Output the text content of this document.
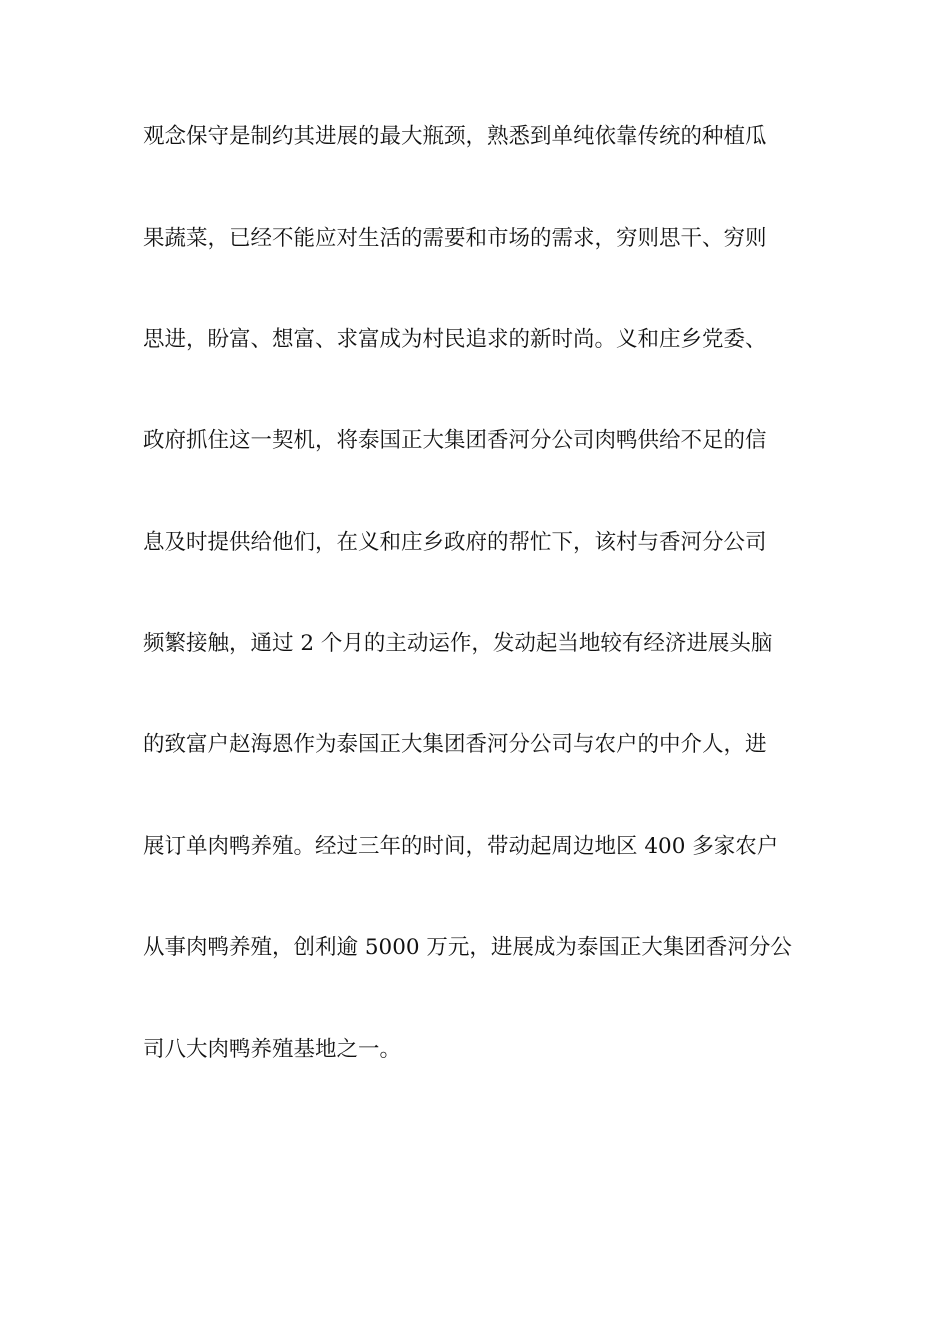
观念保守是制约其进展的最大瓶颈，熟悉到单纯依靠传统的种植瓜
果蔬菜，已经不能应对生活的需要和市场的需求，穷则思干、穷则
思进，盼富、想富、求富成为村民追求的新时尚。义和庄乡党委、
政府抓住这一契机，将泰国正大集团香河分公司肉鸭供给不足的信
息及时提供给他们，在义和庄乡政府的帮忙下，该村与香河分公司
频繁接触，通过 2 个月的主动运作，发动起当地较有经济进展头脑
的致富户赵海恩作为泰国正大集团香河分公司与农户的中介人，进
展订单肉鸭养殖。经过三年的时间，带动起周边地区 400 多家农户
从事肉鸭养殖，创利逾 5000 万元，进展成为泰国正大集团香河分公
司八大肉鸭养殖基地之一。
